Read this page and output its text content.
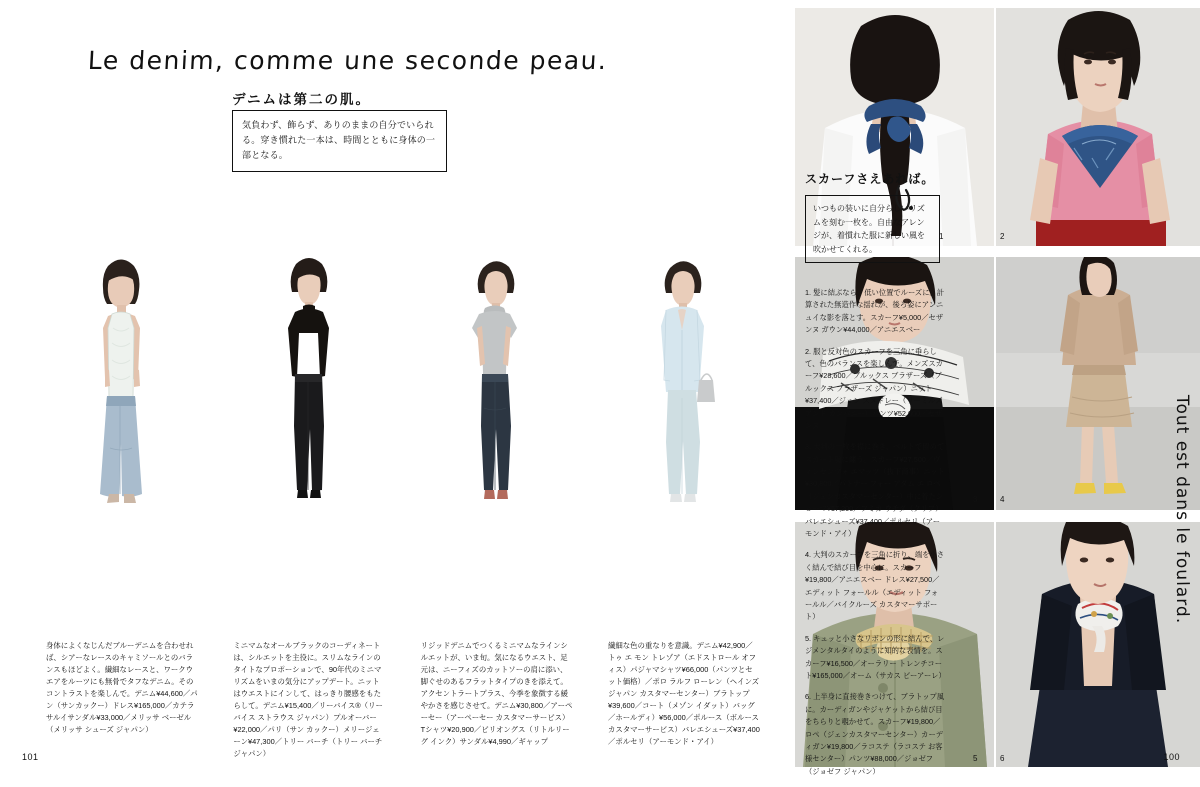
Le denim, comme une seconde peau.
デニムは第二の肌。

気負わず、飾らず、ありのままの自分でいられる。穿き慣れた一本は、時間とともに身体の一部となる。

身体によくなじんだブルーデニムを合わせれば、シアーなレースのキャミソールとのバランスもほどよく。繊細なレースと、ワークウエアをルーツにも無骨でタフなデニム。そのコントラストを楽しんで。デニム¥44,600／パン（サンカックー）ドレス¥165,000／カテラ サルイサンダル¥33,000／メリッサ ベーゼル（メリッサ シューズ ジャパン）
ミニマムなオールブラックのコーディネートは、シルエットを主役に。スリムなラインのタイトなプロポーションで、90年代のミニマリズムをいまの気分にアップデート。ニットはウエストにインして、はっきり腰感をもたらして。デニム¥15,400／リーバイス®（リーバイス ストラウス ジャパン）プルオーバー¥22,000／パリ（サン カックー）メリージェーン¥47,300／トリー バーチ（トリー バーチ ジャパン）
リジッドデニムでつくるミニマムなラインシルエットが、いま旬。気になるウエスト、足元は、ニーフィズのカットソーの肩に添い、脚ぐせのあるフラットタイプのきを添えて。アクセントラートプラス、今季を象徴する緩やかさを感じさせて。デニム¥30,800／アーペーセー（アーペーセー カスタマーサービス）Tシャツ¥20,900／ビリオングス（リトルリーグ インク）サンダル¥4,990／ギャップ
繊細な色の重なりを意識。デニム¥42,900／トゥ エ モン トレゾア（エドストロール オフィス）パジャマシャツ¥66,000（パンツとセット価格）／ポロ ラルフ ローレン（ヘインズジャパン カスタマーセンター）ブラトップ¥39,600／コート（メゾン イダット）バッグ／ホールディ）¥56,000／ポルース（ボルース カスタマーサービス）バレエシューズ¥37,400／ポルセリ（アーモンド・アイ）
101
1	2
4
3
5	6
スカーフさえあれば。
いつもの装いに自分らしいリズムを刻む一枚を。自由なアレンジが、着慣れた服に新しい風を吹かせてくれる。

1. 髪に結ぶなら、低い位置でルーズに。計算された無造作な揺れが、後ろ姿にアンニュイな影を落とす。スカーフ¥5,000／セザンヌ ガウン¥44,000／アニエスベー

2. 服と反対色のスカーフを三角に垂らして、色のバランスを楽しんで。メンズスカーフ¥28,600／ブルックス ブラザーズ（ブルックス ブラザーズ ジャパン）ニット¥37,400／ジョン スメドレー（リーミルズ アンド カンパニー）パンツ¥52,000／セザンヌ

3. 大判の一枚を襟に巻き、ベルトで留めてスカート風に纏う。スカーフ¥27,500／ヴィンセンツォ エマッツ（抜下商事）ニット¥30,800／パトナー フォー アダム エ ロペ（ジェンカスタマーセンター）中に着たショーマ¥57,200／フミカ ウチダ（クリプ）バレエシューズ¥37,400／ポルセリ（アーモンド・アイ）

4. 大判のスカーフを三角に折り、端を小さく結んで結び目を中心に。スカーフ¥19,800／アニエスベー ドレス¥27,500／エディット フォールル（エディット フォールル／バイクルーズ カスタマーサポート）

5. キュッと小さなリボンの形に結んで、レジメンタルタイのように知的な表情を。スカーフ¥16,500／オーラリー トレンチコート¥165,000／オーム（サカス ビーアーレ）

6. 上半身に直接巻きつけて、ブラトップ風に。カーディガンやジャケットから結び目をちらりと覗かせて。スカーフ¥19,800／ロペ（ジェンカスタマーセンター）カーディガン¥19,800／ラコステ（ラコステ お客様センター）パンツ¥88,000／ジョゼフ（ジョゼフ ジャパン）

Tout est dans le foulard.
100
